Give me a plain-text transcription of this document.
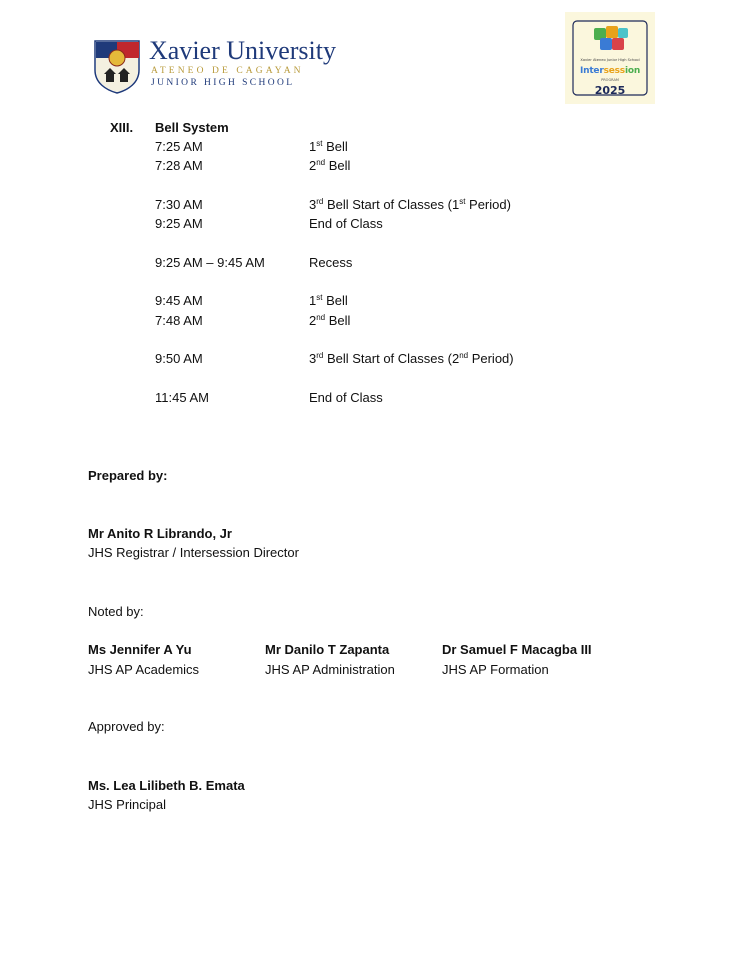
Xavier University
ATENEO DE CAGAYAN
JUNIOR HIGH SCHOOL
Xavier Ateneo Junior High School
Intersession
PROGRAM
2025
XIII. Bell System
7:25 AM	1st Bell
7:28 AM	2nd Bell
7:30 AM	3rd Bell Start of Classes (1st Period)
9:25 AM	End of Class
9:25 AM – 9:45 AM	Recess
9:45 AM	1st Bell
7:48 AM	2nd Bell
9:50 AM	3rd Bell Start of Classes (2nd Period)
11:45 AM	End of Class
Prepared by:
Mr Anito R Librando, Jr
JHS Registrar / Intersession Director
Noted by:
Ms Jennifer A Yu
JHS AP Academics
Mr Danilo T Zapanta
JHS AP Administration
Dr Samuel F Macagba III
JHS AP Formation
Approved by:
Ms. Lea Lilibeth B. Emata
JHS Principal
